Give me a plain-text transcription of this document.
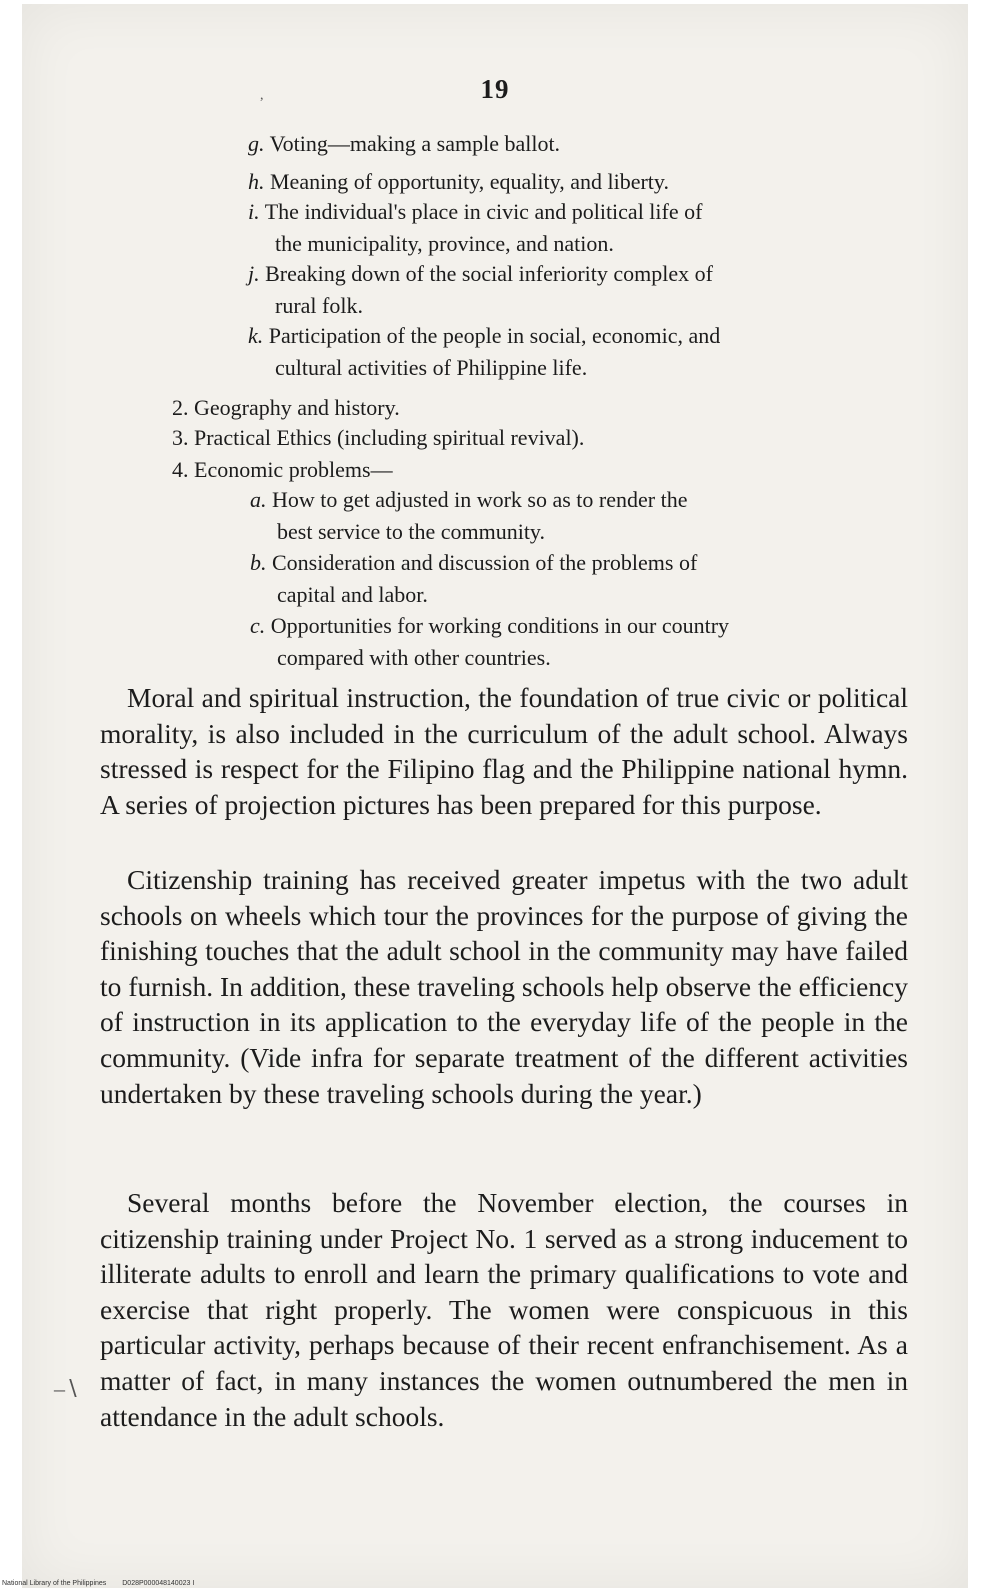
19
g. Voting—making a sample ballot.
h. Meaning of opportunity, equality, and liberty.
i. The individual's place in civic and political life of
the municipality, province, and nation.
j. Breaking down of the social inferiority complex of
rural folk.
k. Participation of the people in social, economic, and
cultural activities of Philippine life.
2. Geography and history.
3. Practical Ethics (including spiritual revival).
4. Economic problems—
a. How to get adjusted in work so as to render the
best service to the community.
b. Consideration and discussion of the problems of
capital and labor.
c. Opportunities for working conditions in our country
compared with other countries.

Moral and spiritual instruction, the foundation of true civic or political morality, is also included in the curriculum of the adult school. Always stressed is respect for the Filipino flag and the Philippine national hymn. A series of projection pictures has been prepared for this purpose.

Citizenship training has received greater impetus with the two adult schools on wheels which tour the provinces for the purpose of giving the finishing touches that the adult school in the community may have failed to furnish. In addition, these traveling schools help observe the efficiency of instruction in its application to the everyday life of the people in the community. (Vide infra for separate treatment of the different activities undertaken by these traveling schools during the year.)

Several months before the November election, the courses in citizenship training under Project No. 1 served as a strong inducement to illiterate adults to enroll and learn the primary qualifications to vote and exercise that right properly. The women were conspicuous in this particular activity, perhaps because of their recent enfranchisement. As a matter of fact, in many instances the women outnumbered the men in attendance in the adult schools.

,
–∖
National Library of the Philippines D028P000048140023 I
